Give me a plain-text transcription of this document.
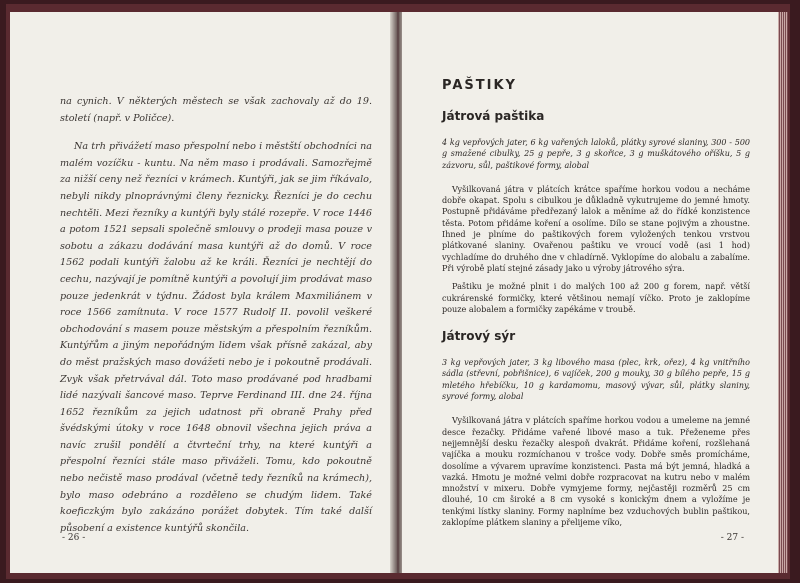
na cynich. V některých městech se však zachovaly až do 19. století (např. v Poličce).

Na trh přivážetí maso přespolní nebo i městští obchodníci na malém vozíčku - kuntu. Na něm maso i prodávali. Samozřejmě za nižší ceny než řezníci v krámech. Kuntýři, jak se jim říkávalo, nebyli nikdy plnoprávnými členy řeznicky. Řezníci je do cechu nechtěli. Mezi řezníky a kuntýři byly stálé rozepře. V roce 1446 a potom 1521 sepsali společně smlouvy o prodeji masa pouze v sobotu a zákazu dodávání masa kuntýři až do domů. V roce 1562 podali kuntýři žalobu až ke králi. Řezníci je nechtějí do cechu, nazývají je pomítně kuntýři a povolují jim prodávat maso pouze jedenkrát v týdnu. Žádost byla králem Maxmiliánem v roce 1566 zamítnuta. V roce 1577 Rudolf II. povolil veškeré obchodování s masem pouze městským a přespolním řezníkům. Kuntýřům a jiným nepořádným lidem však přísně zakázal, aby do měst pražských maso dovážeti nebo je i pokoutně prodávali. Zvyk však přetrvával dál. Toto maso prodávané pod hradbami lidé nazývali šancové maso. Teprve Ferdinand III. dne 24. října 1652 řezníkům za jejich udatnost při obraně Prahy před švédskými útoky v roce 1648 obnovil všechna jejich práva a navíc zrušil pondělí a čtvrteční trhy, na které kuntýři a přespolní řezníci stále maso přiváželi. Tomu, kdo pokoutně nebo nečistě maso prodával (včetně tedy řezníků na krámech), bylo maso odebráno a rozděleno se chudým lidem. Také koeficzkým bylo zakázáno porážet dobytek. Tím také další působení a existence kuntýřů skončila.

- 26 -
PAŠTIKY
Játrová paštika

4 kg vepřových jater, 6 kg vařených laloků, plátky syrové slaniny, 300 - 500 g smažené cibulky, 25 g pepře, 3 g skořice, 3 g muškátového oříšku, 5 g zázvoru, sůl, paštikové formy, alobal

Vyšilkovaná játra v plátcích krátce spaříme horkou vodou a necháme dobře okapat. Spolu s cibulkou je důkladně vykutrujeme do jemné hmoty. Postupně přidáváme předřezaný lalok a měníme až do řídké konzistence těsta. Potom přidáme koření a osolíme. Dílo se stane pojivým a zhoustne. Ihned je plníme do paštikových forem vyložených tenkou vrstvou plátkované slaniny. Ovařenou paštiku ve vroucí vodě (asi 1 hod) vychladíme do druhého dne v chladírně. Vyklopíme do alobalu a zabalíme. Při výrobě platí stejné zásady jako u výroby játrového sýra.

Paštiku je možné plnit i do malých 100 až 200 g forem, např. větší cukrárenské formičky, které většinou nemají víčko. Proto je zaklopíme pouze alobalem a formičky zapékáme v troubě.

Játrový sýr

3 kg vepřových jater, 3 kg libového masa (plec, krk, ořez), 4 kg vnitřního sádla (střevní, pobřišnice), 6 vajíček, 200 g mouky, 30 g bílého pepře, 15 g mletého hřebíčku, 10 g kardamomu, masový vývar, sůl, plátky slaniny, syrové formy, alobal

Vyšilkovaná játra v plátcích spaříme horkou vodou a umeleme na jemné desce řezačky. Přidáme vařené libové maso a tuk. Přeženeme přes nejjemnější desku řezačky alespoň dvakrát. Přidáme koření, rozšlehaná vajíčka a mouku rozmíchanou v trošce vody. Dobře směs promícháme, dosolíme a vývarem upravíme konzistenci. Pasta má být jemná, hladká a vazká. Hmotu je možné velmi dobře rozpracovat na kutru nebo v malém množství v mixeru. Dobře vymyjeme formy, nejčastěji rozměrů 25 cm dlouhé, 10 cm široké a 8 cm vysoké s konickým dnem a vyložíme je tenkými lístky slaniny. Formy naplníme bez vzduchových bublin paštikou, zaklopíme plátkem slaniny a přelijeme víko,

- 27 -
